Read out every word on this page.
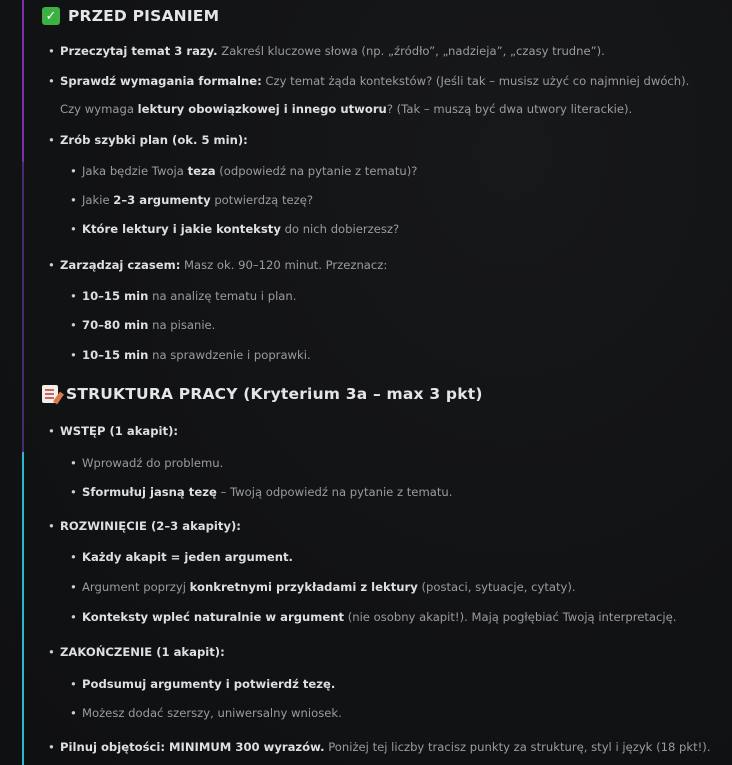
✓ PRZED PISANIEM
• Przeczytaj temat 3 razy. Zakreśl kluczowe słowa (np. „źródło”, „nadzieja”, „czasy trudne”).
• Sprawdź wymagania formalne: Czy temat żąda kontekstów? (Jeśli tak – musisz użyć co najmniej dwóch).
Czy wymaga lektury obowiązkowej i innego utworu? (Tak – muszą być dwa utwory literackie).
• Zrób szybki plan (ok. 5 min):
• Jaka będzie Twoja teza (odpowiedź na pytanie z tematu)?
• Jakie 2–3 argumenty potwierdzą tezę?
• Które lektury i jakie konteksty do nich dobierzesz?
• Zarządzaj czasem: Masz ok. 90–120 minut. Przeznacz:
• 10–15 min na analizę tematu i plan.
• 70–80 min na pisanie.
• 10–15 min na sprawdzenie i poprawki.
STRUKTURA PRACY (Kryterium 3a – max 3 pkt)
• WSTĘP (1 akapit):
• Wprowadź do problemu.
• Sformułuj jasną tezę – Twoją odpowiedź na pytanie z tematu.
• ROZWINIĘCIE (2–3 akapity):
• Każdy akapit = jeden argument.
• Argument poprzyj konkretnymi przykładami z lektury (postaci, sytuacje, cytaty).
• Konteksty wpleć naturalnie w argument (nie osobny akapit!). Mają pogłębiać Twoją interpretację.
• ZAKOŃCZENIE (1 akapit):
• Podsumuj argumenty i potwierdź tezę.
• Możesz dodać szerszy, uniwersalny wniosek.
• Pilnuj objętości: MINIMUM 300 wyrazów. Poniżej tej liczby tracisz punkty za strukturę, styl i język (18 pkt!).
